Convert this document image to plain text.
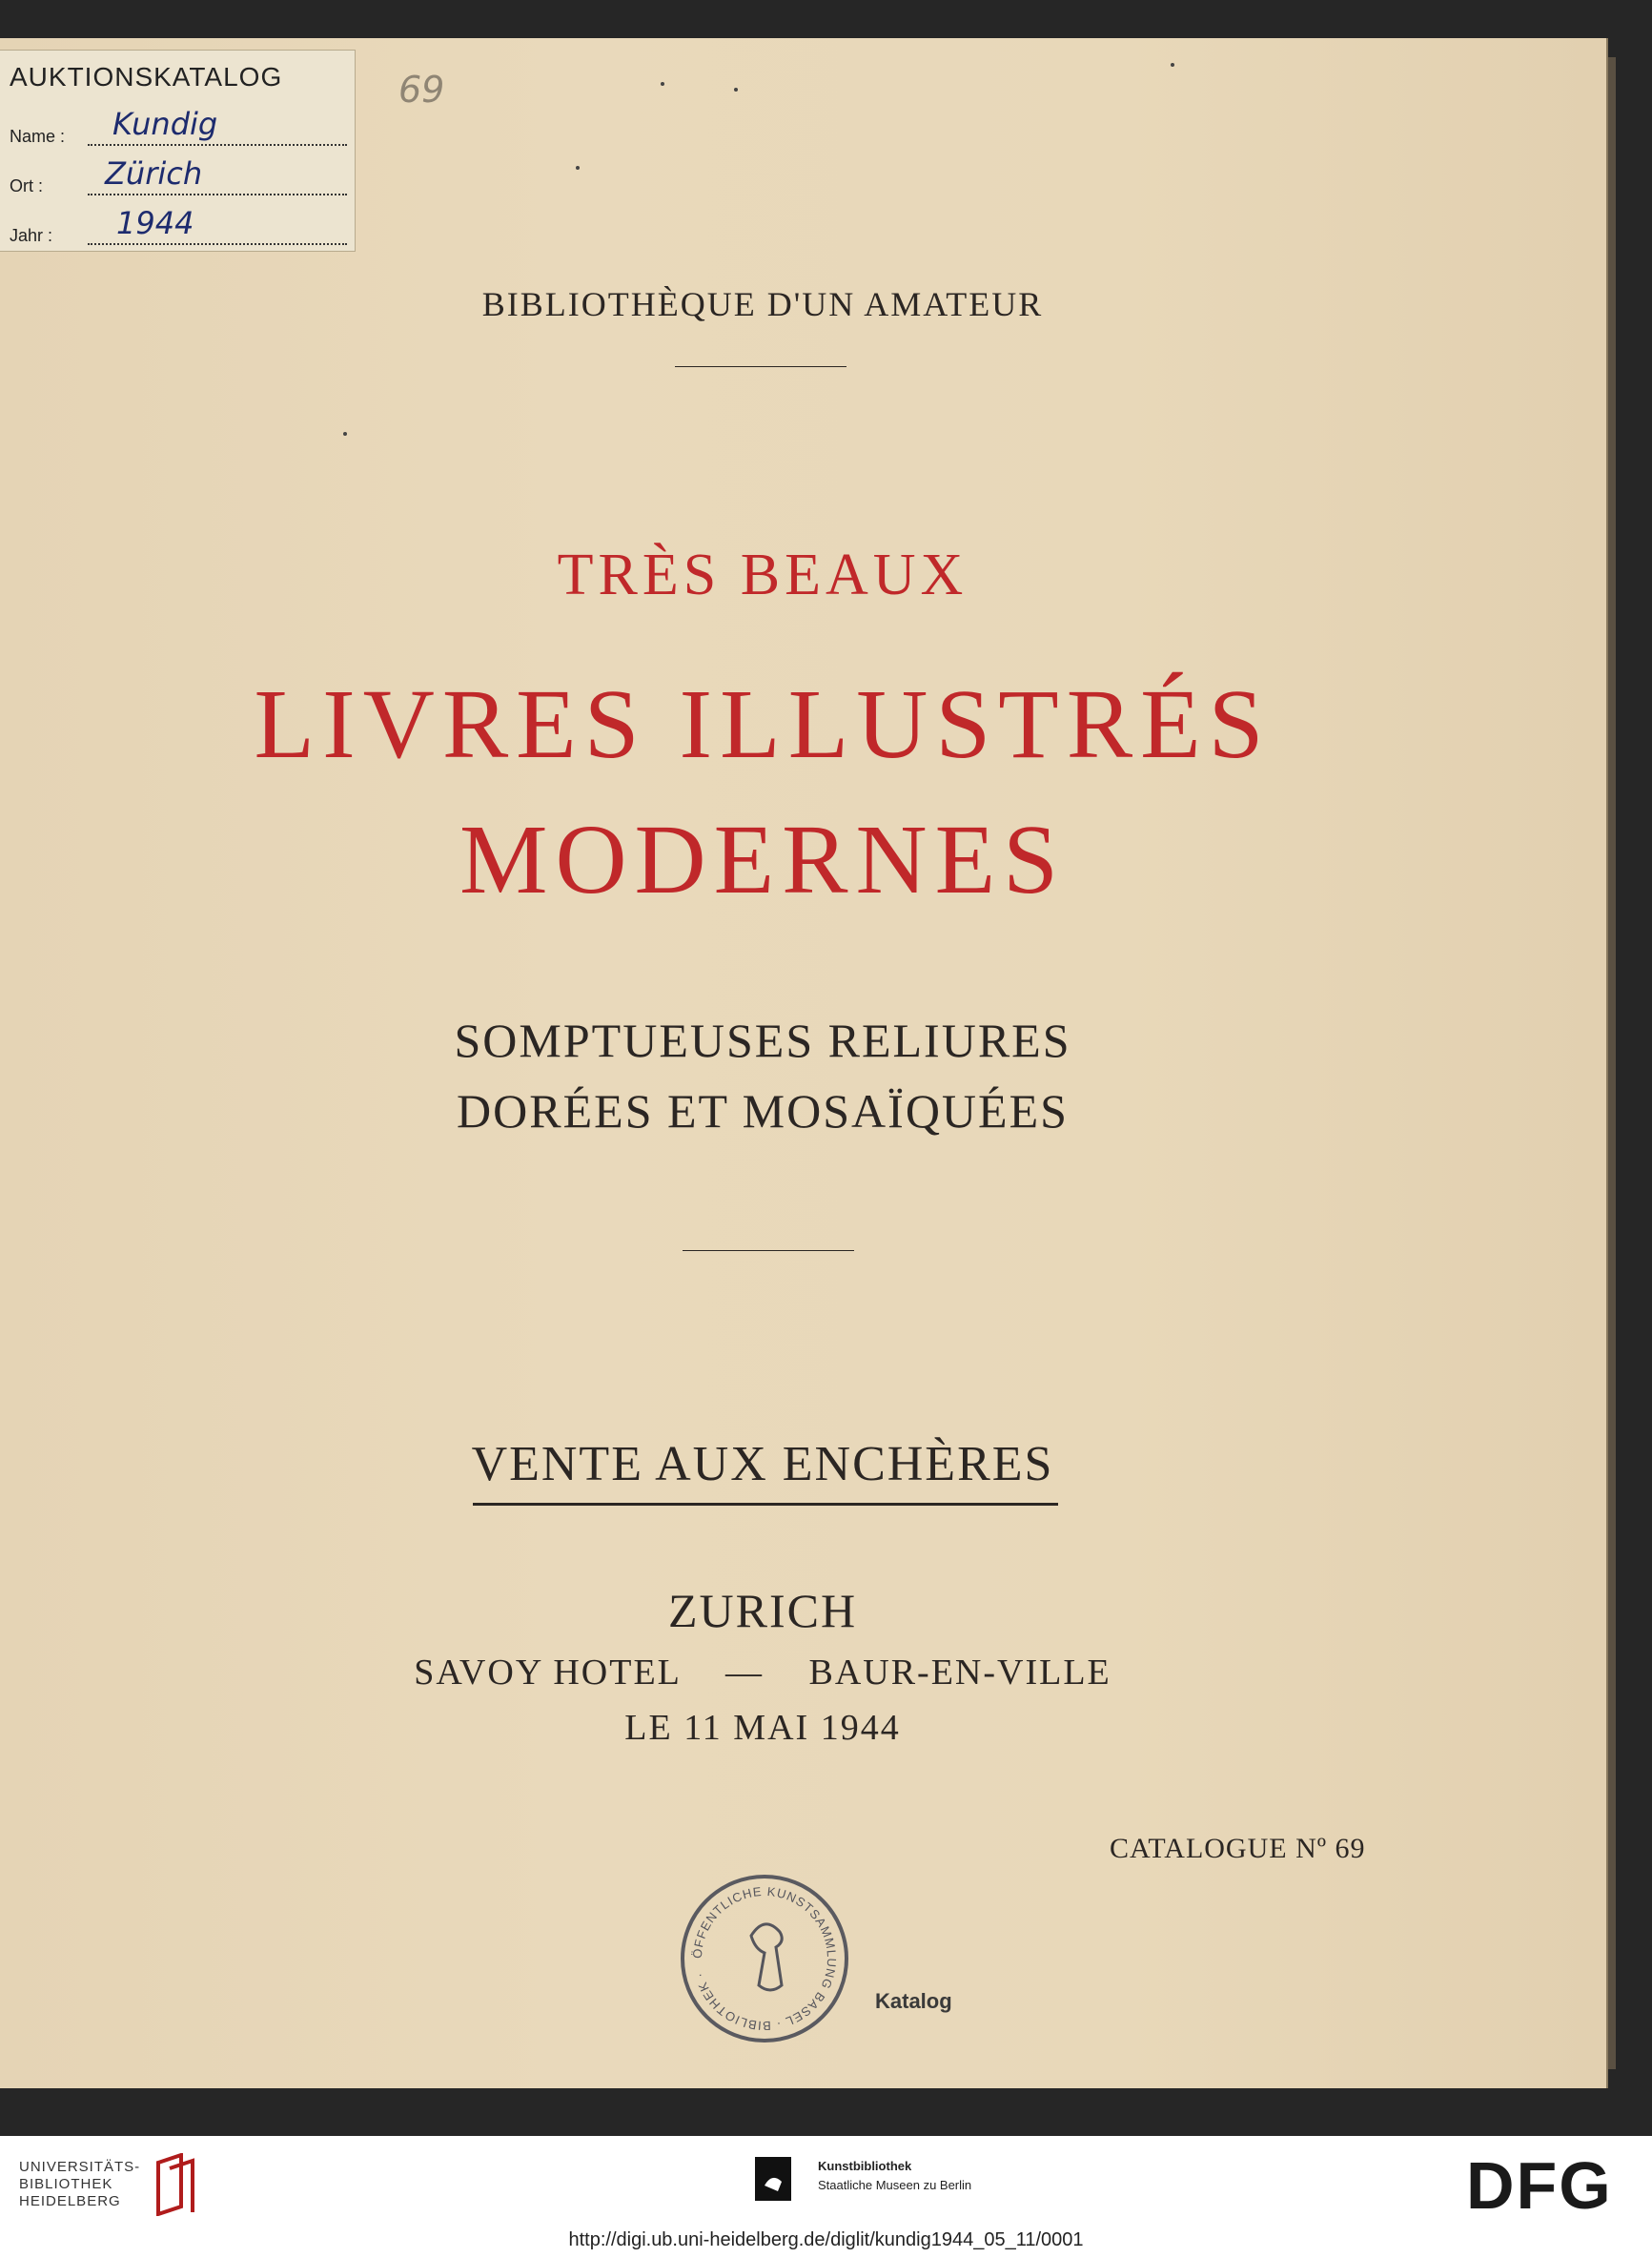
AUKTIONSKATALOG
Name : Kundig
Ort : Zürich
Jahr : 1944
69
BIBLIOTHÈQUE D'UN AMATEUR
TRÈS BEAUX
LIVRES ILLUSTRÉS
MODERNES
SOMPTUEUSES RELIURES
DORÉES ET MOSAÏQUÉES
VENTE AUX ENCHÈRES
ZURICH
SAVOY HOTEL — BAUR-EN-VILLE
LE 11 MAI 1944
CATALOGUE Nº 69
ÖFFENTLICHE KUNSTSAMMLUNG BASEL · BIBLIOTHEK ·
Katalog
UNIVERSITÄTS-
BIBLIOTHEK
HEIDELBERG
Kunstbibliothek
Staatliche Museen zu Berlin	DFG
http://digi.ub.uni-heidelberg.de/diglit/kundig1944_05_11/0001
